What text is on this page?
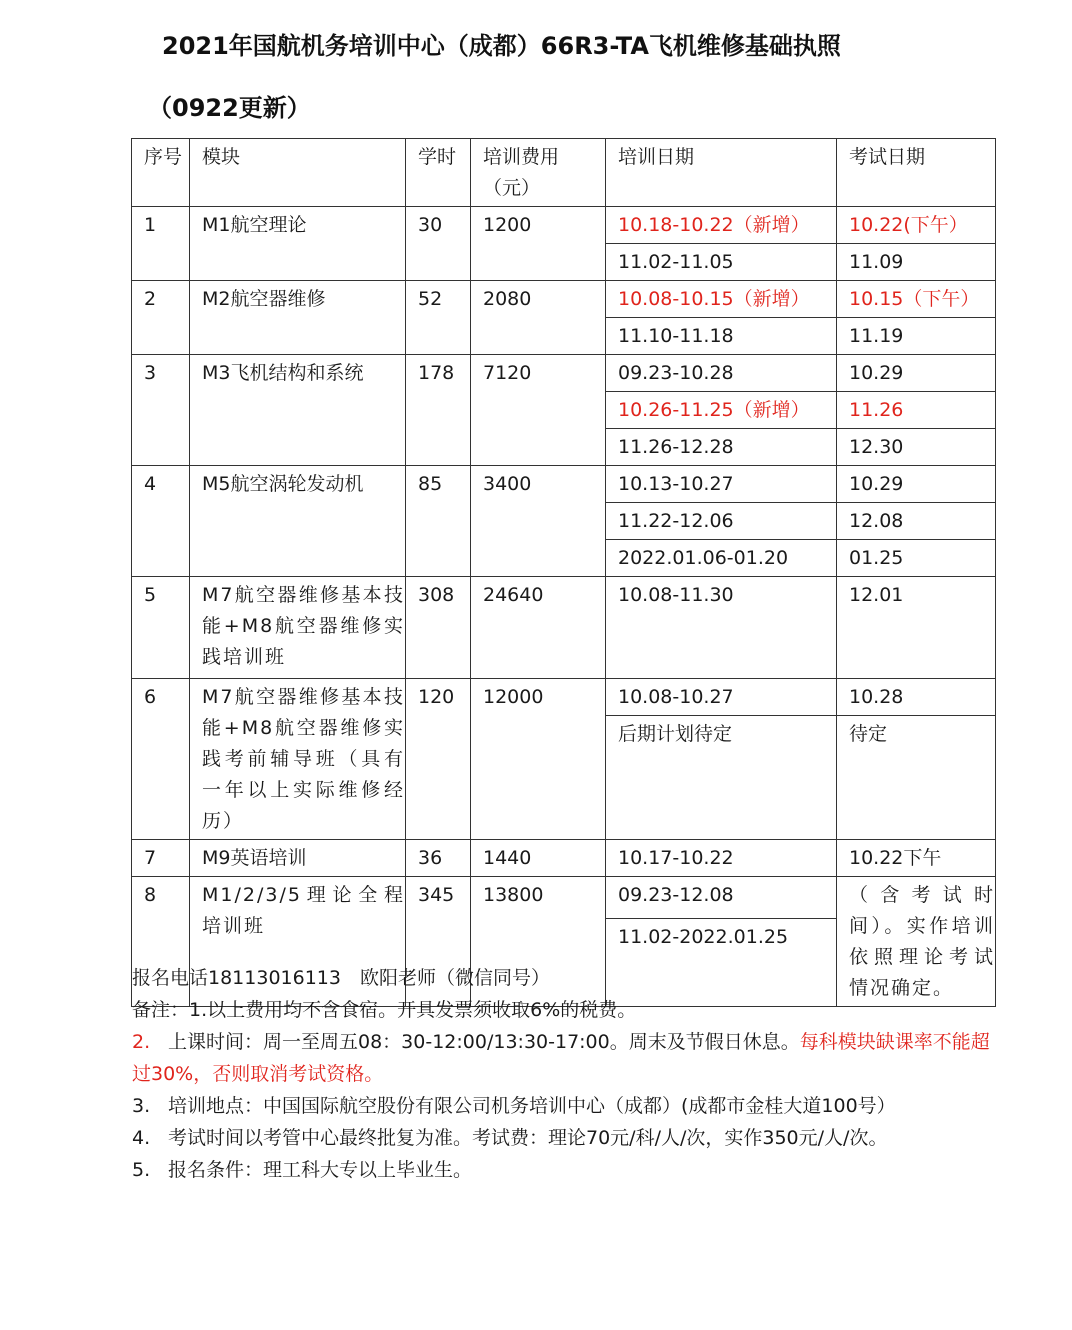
2021年国航机务培训中心（成都）66R3-TA飞机维修基础执照
（0922更新）
序号	模块	学时	培训费用（元）	培训日期	考试日期
1	M1航空理论	30	1200	10.18-10.22（新增）	10.22(下午）
				11.02-11.05	11.09
2	M2航空器维修	52	2080	10.08-10.15（新增）	10.15（下午）
				11.10-11.18	11.19
3	M3飞机结构和系统	178	7120	09.23-10.28	10.29
				10.26-11.25（新增）	11.26
				11.26-12.28	12.30
4	M5航空涡轮发动机	85	3400	10.13-10.27	10.29
				11.22-12.06	12.08
				2022.01.06-01.20	01.25
5	M7航空器维修基本技能+M8航空器维修实践培训班	308	24640	10.08-11.30	12.01
6	M7航空器维修基本技能+M8航空器维修实践考前辅导班（具有一年以上实际维修经历）	120	12000	10.08-10.27	10.28
				后期计划待定	待定
7	M9英语培训	36	1440	10.17-10.22	10.22下午
8	M1/2/3/5理论全程培训班	345	13800	09.23-12.08	（含考试时间）。实作培训依照理论考试情况确定。
				11.02-2022.01.25	
报名电话18113016113　欧阳老师（微信同号）
备注：1.以上费用均不含食宿。开具发票须收取6%的税费。
2. 上课时间：周一至周五08：30-12:00/13:30-17:00。周末及节假日休息。每科模块缺课率不能超过30%，否则取消考试资格。
3. 培训地点：中国国际航空股份有限公司机务培训中心（成都）(成都市金桂大道100号）
4. 考试时间以考管中心最终批复为准。考试费：理论70元/科/人/次，实作350元/人/次。
5. 报名条件：理工科大专以上毕业生。
